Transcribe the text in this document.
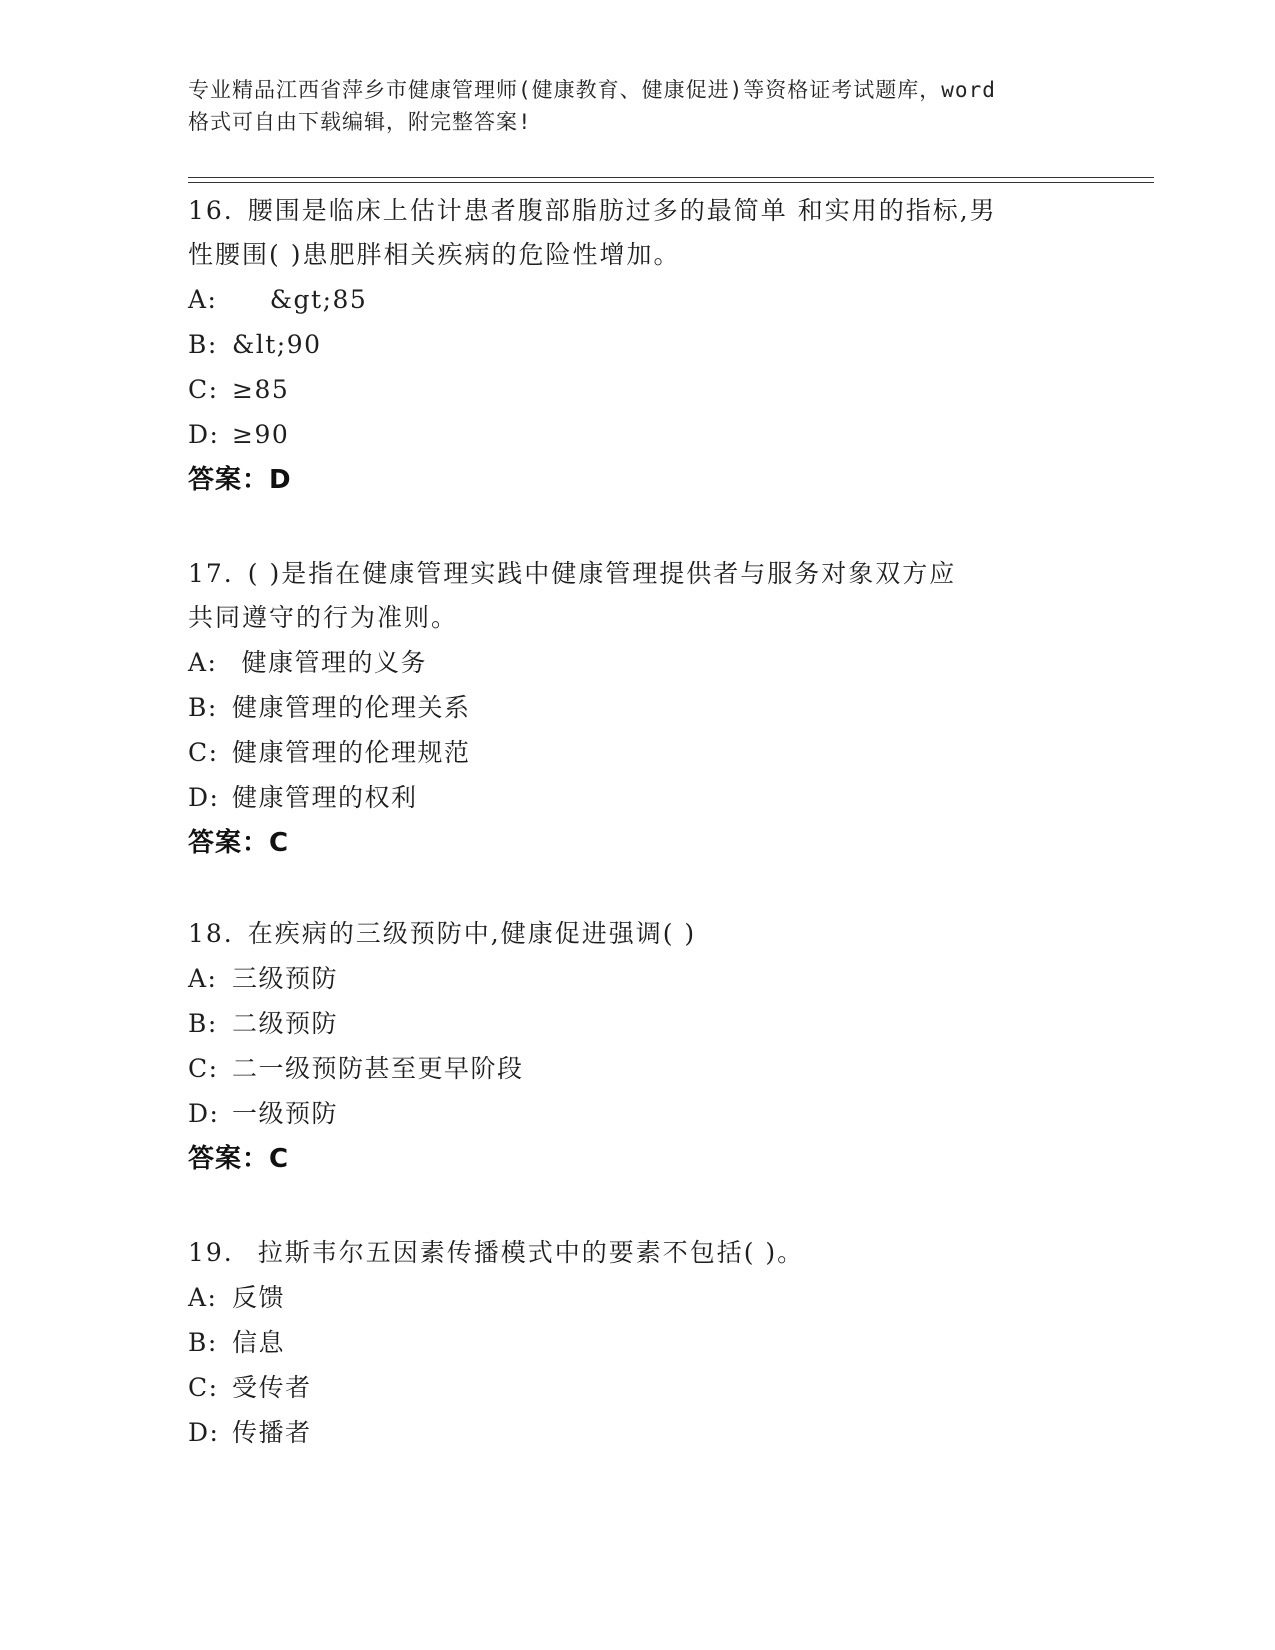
专业精品江西省萍乡市健康管理师(健康教育、健康促进)等资格证考试题库，word
格式可自由下载编辑，附完整答案!

16. 腰围是临床上估计患者腹部脂肪过多的最简单 和实用的指标,男
性腰围( )患肥胖相关疾病的危险性增加。

A:    &gt;85
B: &lt;90
C: ≥85
D: ≥90
答案：D

17. ( )是指在健康管理实践中健康管理提供者与服务对象双方应
共同遵守的行为准则。

A: 健康管理的义务
B: 健康管理的伦理关系
C: 健康管理的伦理规范
D: 健康管理的权利
答案：C

18. 在疾病的三级预防中,健康促进强调( )

A: 三级预防
B: 二级预防
C: 二一级预防甚至更早阶段
D: 一级预防
答案：C

19. 拉斯韦尔五因素传播模式中的要素不包括( )。

A: 反馈
B: 信息
C: 受传者
D: 传播者
